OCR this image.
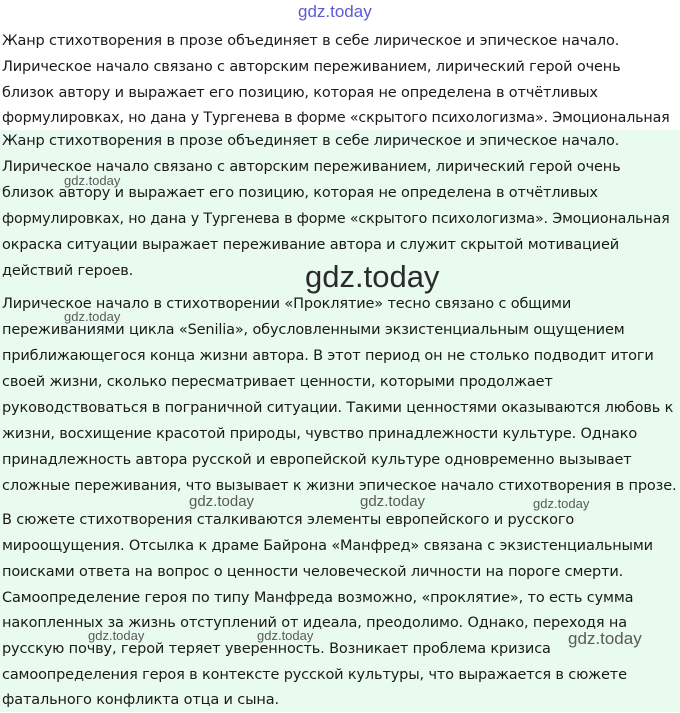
gdz.today
Жанр стихотворения в прозе объединяет в себе лирическое и эпическое начало.
Лирическое начало связано с авторским переживанием, лирический герой очень
близок автору и выражает его позицию, которая не определена в отчётливых
формулировках, но дана у Тургенева в форме «скрытого психологизма». Эмоциональная
Жанр стихотворения в прозе объединяет в себе лирическое и эпическое начало.
Лирическое начало связано с авторским переживанием, лирический герой очень
близок автору и выражает его позицию, которая не определена в отчётливых
формулировках, но дана у Тургенева в форме «скрытого психологизма». Эмоциональная
окраска ситуации выражает переживание автора и служит скрытой мотивацией
действий героев.
Лирическое начало в стихотворении «Проклятие» тесно связано с общими
переживаниями цикла «Senilia», обусловленными экзистенциальным ощущением
приближающегося конца жизни автора. В этот период он не столько подводит итоги
своей жизни, сколько пересматривает ценности, которыми продолжает
руководствоваться в пограничной ситуации. Такими ценностями оказываются любовь к
жизни, восхищение красотой природы, чувство принадлежности культуре. Однако
принадлежность автора русской и европейской культуре одновременно вызывает
сложные переживания, что вызывает к жизни эпическое начало стихотворения в прозе.
В сюжете стихотворения сталкиваются элементы европейского и русского
мироощущения. Отсылка к драме Байрона «Манфред» связана с экзистенциальными
поисками ответа на вопрос о ценности человеческой личности на пороге смерти.
Самоопределение героя по типу Манфреда возможно, «проклятие», то есть сумма
накопленных за жизнь отступлений от идеала, преодолимо. Однако, переходя на
русскую почву, герой теряет уверенность. Возникает проблема кризиса
самоопределения героя в контексте русской культуры, что выражается в сюжете
фатального конфликта отца и сына.
gdz.today
gdz.today
gdz.today
gdz.today	gdz.today	gdz.today
gdz.today	gdz.today	gdz.today
